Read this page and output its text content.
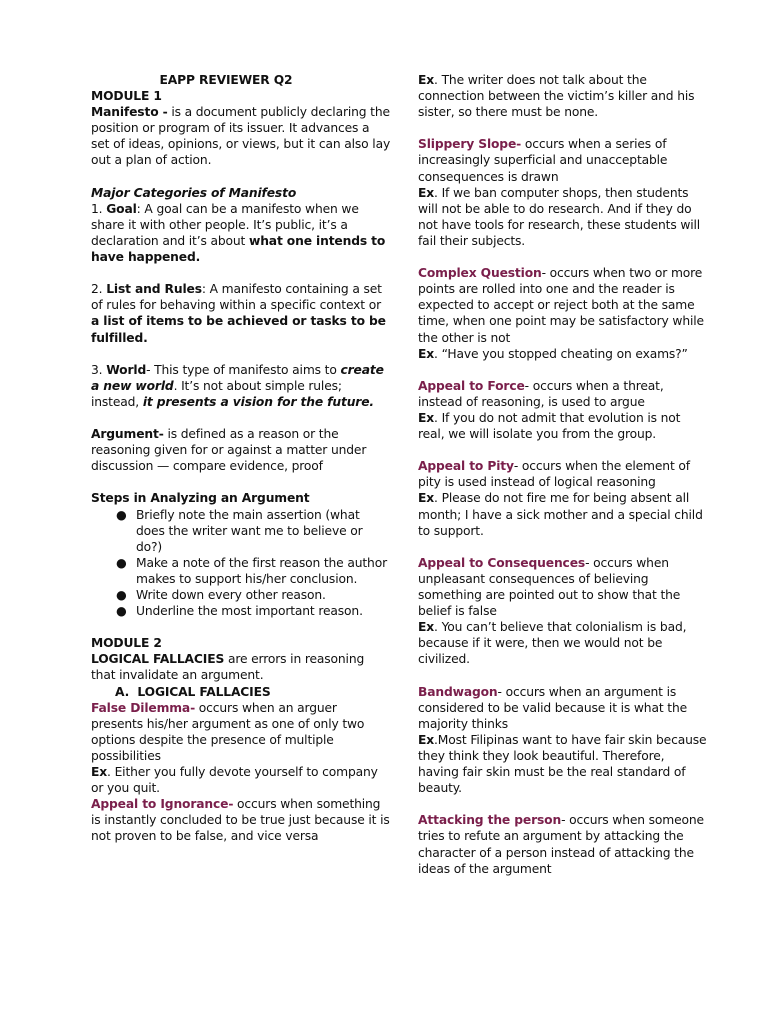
EAPP REVIEWER Q2

MODULE 1

Manifesto - is a document publicly declaring the position or program of its issuer. It advances a set of ideas, opinions, or views, but it can also lay out a plan of action.

Major Categories of Manifesto

1. Goal: A goal can be a manifesto when we share it with other people. It’s public, it’s a declaration and it’s about what one intends to have happened.

2. List and Rules: A manifesto containing a set of rules for behaving within a specific context or a list of items to be achieved or tasks to be fulfilled.

3. World- This type of manifesto aims to create a new world. It’s not about simple rules; instead, it presents a vision for the future.

Argument- is defined as a reason or the reasoning given for or against a matter under discussion — compare evidence, proof

Steps in Analyzing an Argument

● Briefly note the main assertion (what does the writer want me to believe or do?)
● Make a note of the first reason the author makes to support his/her conclusion.
● Write down every other reason.
● Underline the most important reason.

MODULE 2

LOGICAL FALLACIES are errors in reasoning that invalidate an argument.

A. LOGICAL FALLACIES

False Dilemma- occurs when an arguer presents his/her argument as one of only two options despite the presence of multiple possibilities

Ex. Either you fully devote yourself to company or you quit.

Appeal to Ignorance- occurs when something is instantly concluded to be true just because it is not proven to be false, and vice versa

Ex. The writer does not talk about the connection between the victim’s killer and his sister, so there must be none.

Slippery Slope- occurs when a series of increasingly superficial and unacceptable consequences is drawn

Ex. If we ban computer shops, then students will not be able to do research. And if they do not have tools for research, these students will fail their subjects.

Complex Question- occurs when two or more points are rolled into one and the reader is expected to accept or reject both at the same time, when one point may be satisfactory while the other is not

Ex. “Have you stopped cheating on exams?”

Appeal to Force- occurs when a threat, instead of reasoning, is used to argue

Ex. If you do not admit that evolution is not real, we will isolate you from the group.

Appeal to Pity- occurs when the element of pity is used instead of logical reasoning

Ex. Please do not fire me for being absent all month; I have a sick mother and a special child to support.

Appeal to Consequences- occurs when unpleasant consequences of believing something are pointed out to show that the belief is false

Ex. You can’t believe that colonialism is bad, because if it were, then we would not be civilized.

Bandwagon- occurs when an argument is considered to be valid because it is what the majority thinks

Ex.Most Filipinas want to have fair skin because they think they look beautiful. Therefore, having fair skin must be the real standard of beauty.

Attacking the person- occurs when someone tries to refute an argument by attacking the character of a person instead of attacking the ideas of the argument
